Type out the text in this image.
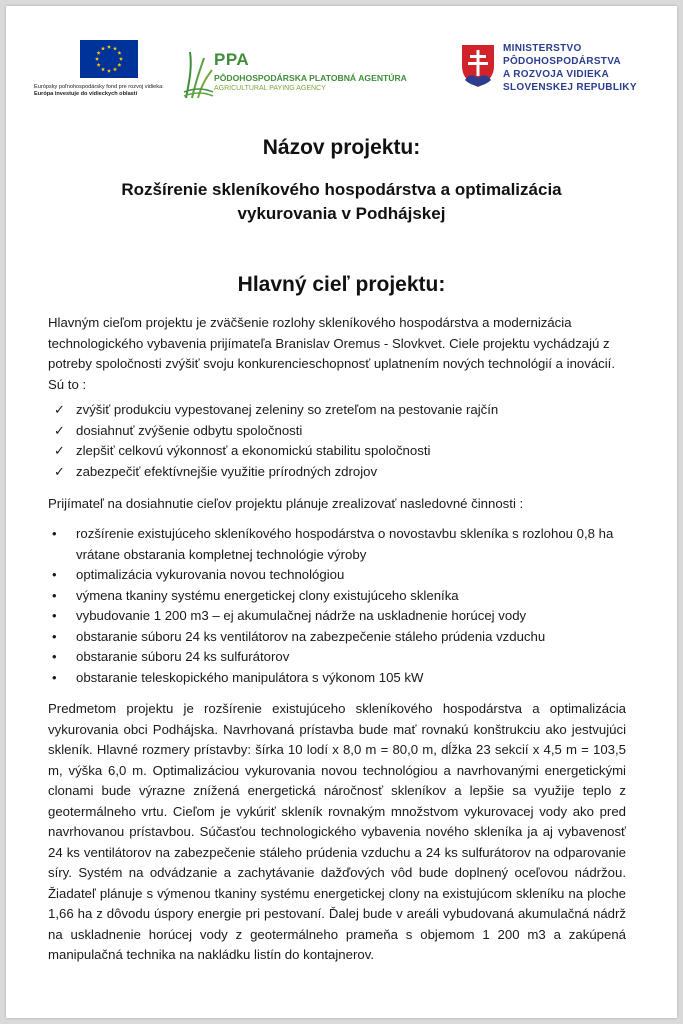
Európsky poľnohospodársky fond pre rozvoj vidieka:
Európa investuje do vidieckych oblastí
PPA
PÔDOHOSPODÁRSKA PLATOBNÁ AGENTÚRA
AGRICULTURAL PAYING AGENCY
MINISTERSTVO
PÔDOHOSPODÁRSTVA
A ROZVOJA VIDIEKA
SLOVENSKEJ REPUBLIKY
Názov projektu:
Rozšírenie skleníkového hospodárstva a optimalizácia
vykurovania v Podhájskej
Hlavný cieľ projektu:
Hlavným cieľom projektu je zväčšenie rozlohy skleníkového hospodárstva a modernizácia technologického vybavenia prijímateľa Branislav Oremus - Slovkvet. Ciele projektu vychádzajú z potreby spoločnosti zvýšiť svoju konkurencieschopnosť uplatnením nových technológií a inovácií. Sú to :
✓ zvýšiť produkciu vypestovanej zeleniny so zreteľom na pestovanie rajčín
✓ dosiahnuť zvýšenie odbytu spoločnosti
✓ zlepšiť celkovú výkonnosť a ekonomickú stabilitu spoločnosti
✓ zabezpečiť efektívnejšie využitie prírodných zdrojov
Prijímateľ na dosiahnutie cieľov projektu plánuje zrealizovať nasledovné činnosti :
• rozšírenie existujúceho skleníkového hospodárstva o novostavbu skleníka s rozlohou 0,8 ha vrátane obstarania kompletnej technológie výroby
• optimalizácia vykurovania novou technológiou
• výmena tkaniny systému energetickej clony existujúceho skleníka
• vybudovanie 1 200 m3 – ej akumulačnej nádrže na uskladnenie horúcej vody
• obstaranie súboru 24 ks ventilátorov na zabezpečenie stáleho prúdenia vzduchu
• obstaranie súboru 24 ks sulfurátorov
• obstaranie teleskopického manipulátora s výkonom 105 kW
Predmetom projektu je rozšírenie existujúceho skleníkového hospodárstva a optimalizácia vykurovania obci Podhájska. Navrhovaná prístavba bude mať rovnakú konštrukciu ako jestvujúci skleník. Hlavné rozmery prístavby: šírka 10 lodí x 8,0 m = 80,0 m, dĺžka 23 sekcií x 4,5 m = 103,5 m, výška 6,0 m. Optimalizáciou vykurovania novou technológiou a navrhovanými energetickými clonami bude výrazne znížená energetická náročnosť skleníkov a lepšie sa využije teplo z geotermálneho vrtu. Cieľom je vykúriť skleník rovnakým množstvom vykurovacej vody ako pred navrhovanou prístavbou. Súčasťou technologického vybavenia nového skleníka ja aj vybavenosť 24 ks ventilátorov na zabezpečenie stáleho prúdenia vzduchu a 24 ks sulfurátorov na odparovanie síry. Systém na odvádzanie a zachytávanie dažďových vôd bude doplnený oceľovou nádržou. Žiadateľ plánuje s výmenou tkaniny systému energetickej clony na existujúcom skleníku na ploche 1,66 ha z dôvodu úspory energie pri pestovaní. Ďalej bude v areáli vybudovaná akumulačná nádrž na uskladnenie horúcej vody z geotermálneho prameňa s objemom 1 200 m3 a zakúpená manipulačná technika na nakládku listín do kontajnerov.
